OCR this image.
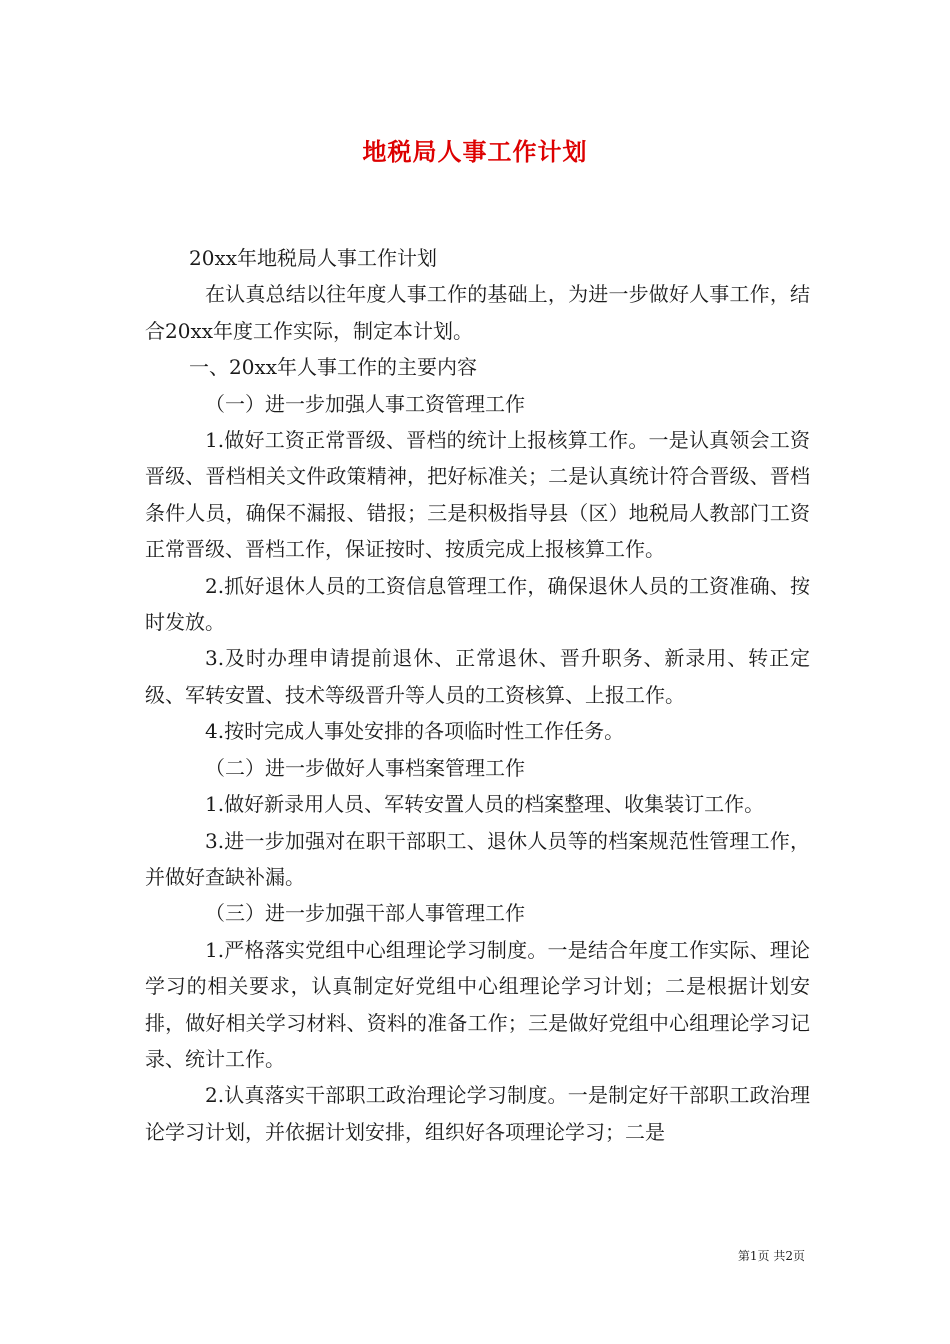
地税局人事工作计划

20xx年地税局人事工作计划

在认真总结以往年度人事工作的基础上，为进一步做好人事工作，结合20xx年度工作实际，制定本计划。

一、20xx年人事工作的主要内容

（一）进一步加强人事工资管理工作

1.做好工资正常晋级、晋档的统计上报核算工作。一是认真领会工资晋级、晋档相关文件政策精神，把好标准关；二是认真统计符合晋级、晋档条件人员，确保不漏报、错报；三是积极指导县（区）地税局人教部门工资正常晋级、晋档工作，保证按时、按质完成上报核算工作。

2.抓好退休人员的工资信息管理工作，确保退休人员的工资准确、按时发放。

3.及时办理申请提前退休、正常退休、晋升职务、新录用、转正定级、军转安置、技术等级晋升等人员的工资核算、上报工作。

4.按时完成人事处安排的各项临时性工作任务。

（二）进一步做好人事档案管理工作

1.做好新录用人员、军转安置人员的档案整理、收集装订工作。

3.进一步加强对在职干部职工、退休人员等的档案规范性管理工作，并做好查缺补漏。

（三）进一步加强干部人事管理工作

1.严格落实党组中心组理论学习制度。一是结合年度工作实际、理论学习的相关要求，认真制定好党组中心组理论学习计划；二是根据计划安排，做好相关学习材料、资料的准备工作；三是做好党组中心组理论学习记录、统计工作。

2.认真落实干部职工政治理论学习制度。一是制定好干部职工政治理论学习计划，并依据计划安排，组织好各项理论学习；二是

第1页 共2页
